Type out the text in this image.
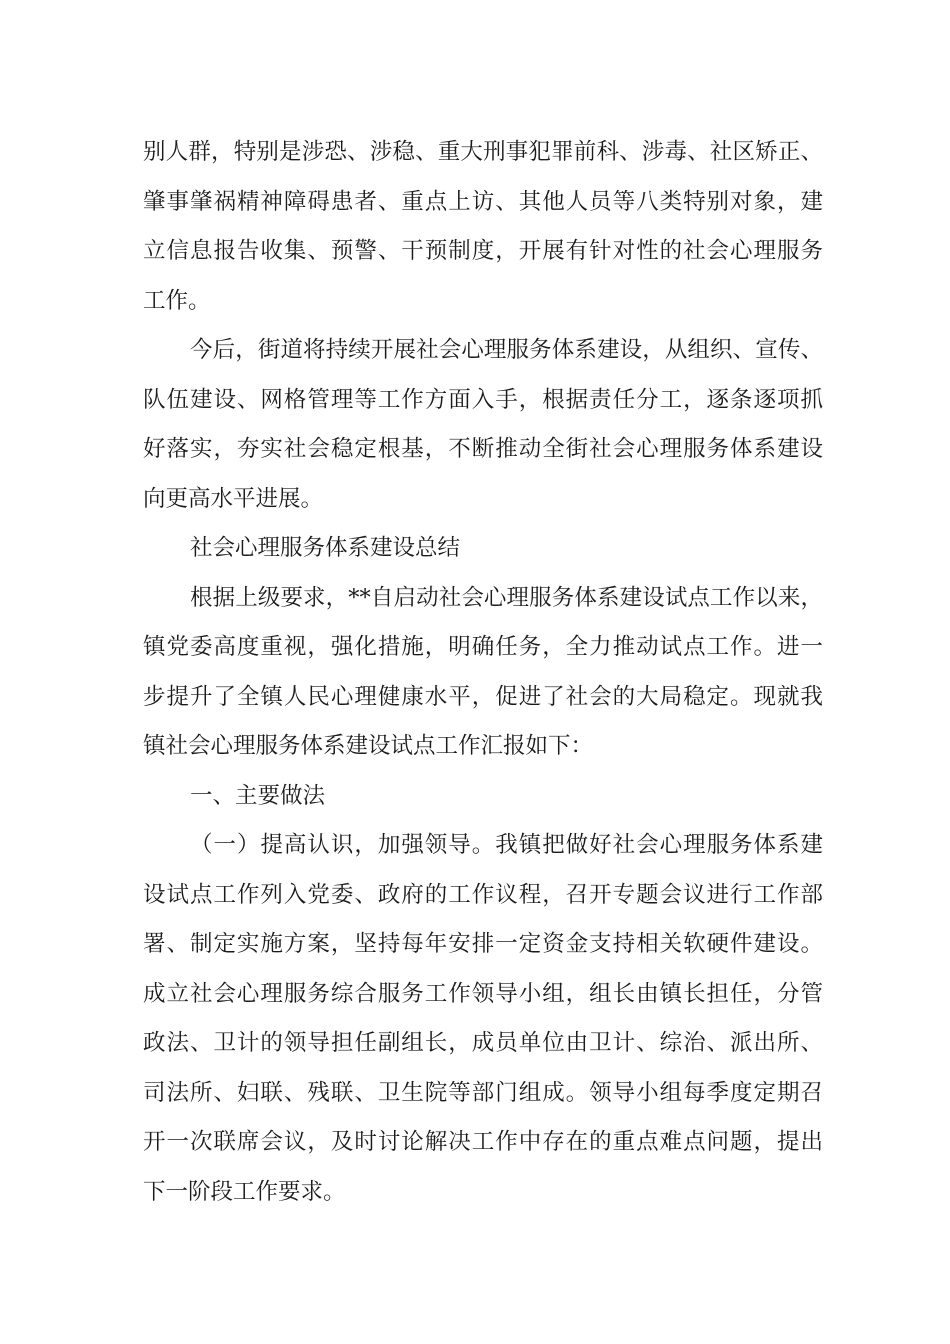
别人群，特别是涉恐、涉稳、重大刑事犯罪前科、涉毒、社区矫正、
肇事肇祸精神障碍患者、重点上访、其他人员等八类特别对象，建
立信息报告收集、预警、干预制度，开展有针对性的社会心理服务
工作。
今后，街道将持续开展社会心理服务体系建设，从组织、宣传、
队伍建设、网格管理等工作方面入手，根据责任分工，逐条逐项抓
好落实，夯实社会稳定根基，不断推动全街社会心理服务体系建设
向更高水平进展。
社会心理服务体系建设总结
根据上级要求，**自启动社会心理服务体系建设试点工作以来，
镇党委高度重视，强化措施，明确任务，全力推动试点工作。进一
步提升了全镇人民心理健康水平，促进了社会的大局稳定。现就我
镇社会心理服务体系建设试点工作汇报如下：
一、主要做法
（一）提高认识，加强领导。我镇把做好社会心理服务体系建
设试点工作列入党委、政府的工作议程，召开专题会议进行工作部
署、制定实施方案，坚持每年安排一定资金支持相关软硬件建设。
成立社会心理服务综合服务工作领导小组，组长由镇长担任，分管
政法、卫计的领导担任副组长，成员单位由卫计、综治、派出所、
司法所、妇联、残联、卫生院等部门组成。领导小组每季度定期召
开一次联席会议，及时讨论解决工作中存在的重点难点问题，提出
下一阶段工作要求。
